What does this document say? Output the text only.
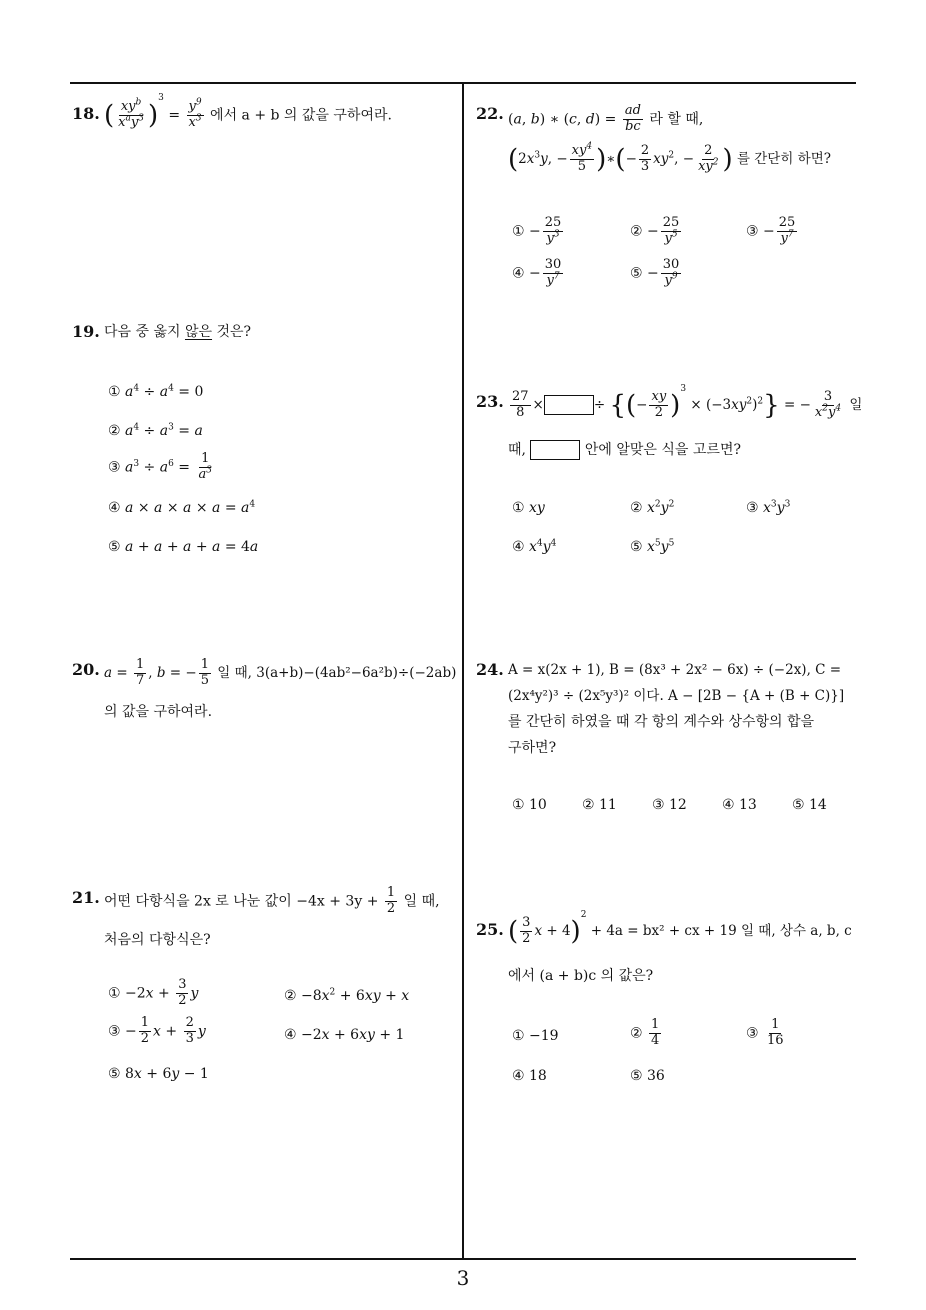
18. ( $\frac{xy^b}{x^ay^3} )^3 = \frac{y^9}{x^3}$ 에서 a + b 의 값을 구하여라.
19. 다음 중 옳지 않은 것은?
① $a^4 \div a^4 = 0$
② $a^4 \div a^3 = a$
③ $a^3 \div a^6 = \frac{1}{a^3}$
④ $a \times a \times a \times a = a^4$
⑤ a + a + a + a = 4a
20. $a = \frac{1}{7}$ , b = − $\frac{1}{5}$ 일 때, 3(a+b)−(4ab²−6a²b)÷(−2ab)
의 값을 구하여라.
21. 어떤 다항식을 2x 로 나눈 값이 $-4x + 3y + \frac{1}{2}$ 일 때,
처음의 다항식은?
① $-2x + \frac{3}{2}$ y	② $-8x^2 + 6xy + x$
③ − $\frac{1}{2}$ $x + \frac{2}{3}$ y	④ −2x + 6xy + 1
⑤ 8x + 6y − 1
22. (a, b) ∗ (c, $d) = \frac{ad}{bc}$ 라 할 때,
($2x^3y$, − $\frac{xy^4}{5}$ )∗(− $\frac{2}{3} xy^2$, − $\frac{2}{xy^2}$ ) 를 간단히 하면?
① − $\frac{25}{y^3}$	② − $\frac{25}{y^5}$	③ − $\frac{25}{y^7}$
④ − $\frac{30}{y^7}$	⑤ − $\frac{30}{y^9}$
23. $\frac{27}{8}$ ×	÷ {(− $\frac{xy}{2} )^3 \times (-3xy^2)^2$} = − $\frac{3}{x^2y^4}$ 일
때,	안에 알맞은 식을 고르면?
① xy	② $x^2y^2$	③ $x^3y^3$
④ $x^4y^4$	⑤ $x^5y^5$
24. A = x(2x + 1), B = (8x³ + 2x² − 6x) ÷ (−2x), C =
(2x⁴y²)³ ÷ (2x⁵y³)² 이다. A − [2B − {A + (B + C)}]
를 간단히 하였을 때 각 항의 계수와 상수항의 합을
구하면?
① 10	② 11	③ 12	④ 13	⑤ 14
25. ( $\frac{3}{2}$ x + 4)$^2$ + 4a = bx² + cx + 19 일 때, 상수 a, b, c
에서 (a + b)c 의 값은?
① −19	② $\frac{1}{4}$	③ $\frac{1}{16}$
④ 18	⑤ 36
3
